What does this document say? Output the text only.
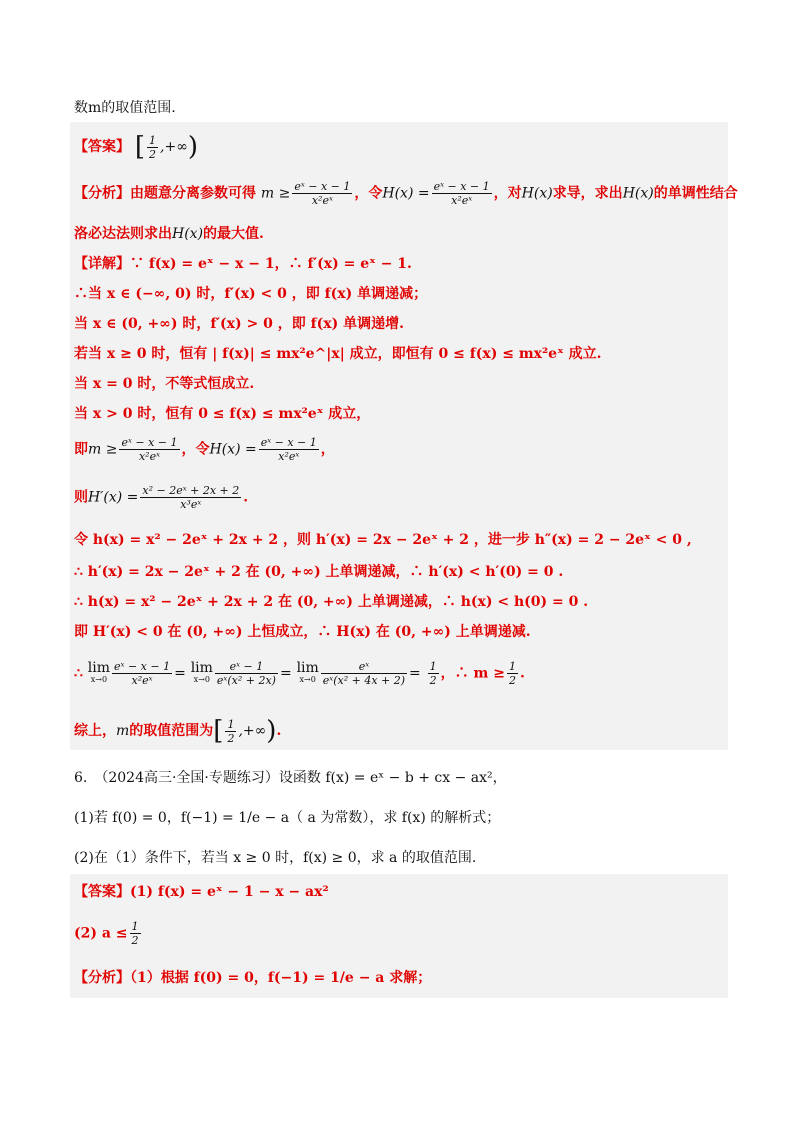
数m的取值范围.
【答案】 [ $\frac{1}{2}$ ,+∞)
【分析】由题意分离参数可得 $m \ge \frac{\text{eˣ − x − 1}}{\text{x²eˣ}}$ ，令$H(x) = \frac{\text{eˣ − x − 1}}{\text{x²eˣ}}$ ，对H(x)求导，求出H(x)的单调性结合
洛必达法则求出H(x)的最大值.
【详解】∵ f(x) = eˣ − x − 1，∴ f′(x) = eˣ − 1.
∴当 x ∈ (−∞, 0) 时，f′(x) < 0 ，即 f(x) 单调递减；
当 x ∈ (0, +∞) 时，f′(x) > 0 ，即 f(x) 单调递增.
若当 x ≥ 0 时，恒有 | f(x)| ≤ mx²e^|x| 成立，即恒有 0 ≤ f(x) ≤ mx²eˣ 成立.
当 x = 0 时，不等式恒成立.
当 x > 0 时，恒有 0 ≤ f(x) ≤ mx²eˣ 成立，
即$m \ge \frac{\text{eˣ − x − 1}}{\text{x²eˣ}}$ ，令$H(x) = \frac{\text{eˣ − x − 1}}{\text{x²eˣ}}$ ，
则$H'(x) = \frac{\text{x² − 2eˣ + 2x + 2}}{\text{x³eˣ}}$ .
令 h(x) = x² − 2eˣ + 2x + 2 ，则 h′(x) = 2x − 2eˣ + 2 ，进一步 h″(x) = 2 − 2eˣ < 0 ,
∴ h′(x) = 2x − 2eˣ + 2 在 (0, +∞) 上单调递减，∴ h′(x) < h′(0) = 0 .
∴ h(x) = x² − 2eˣ + 2x + 2 在 (0, +∞) 上单调递减，∴ h(x) < h(0) = 0 .
即 H′(x) < 0 在 (0, +∞) 上恒成立，∴ H(x) 在 (0, +∞) 上单调递减.
∴ lim
$x\to 0 \frac{\text{eˣ − x − 1}}{\text{x²eˣ}} = \lim$
$x\to 0 \frac{\text{eˣ − 1}}{\text{eˣ(x² + 2x)}} = \lim$
$x\to 0 \frac{\text{eˣ}}{\text{eˣ(x² + 4x + 2)}} = \frac{1}{2}$ ，∴ $m \ge \frac{1}{2}$ .
综上，m的取值范围为[ $\frac{1}{2}$ ,+∞).
6.　（2024高三·全国·专题练习）设函数 f(x) = eˣ − b + cx − ax²，
(1)若 f(0) = 0，f(−1) = 1/e − a（ a 为常数），求 f(x) 的解析式；
(2)在（1）条件下，若当 x ≥ 0 时，f(x) ≥ 0，求 a 的取值范围.
【答案】(1) f(x) = eˣ − 1 − x − ax²
(2) $a \le \frac{1}{2}$
【分析】（1）根据 f(0) = 0，f(−1) = 1/e − a 求解；
